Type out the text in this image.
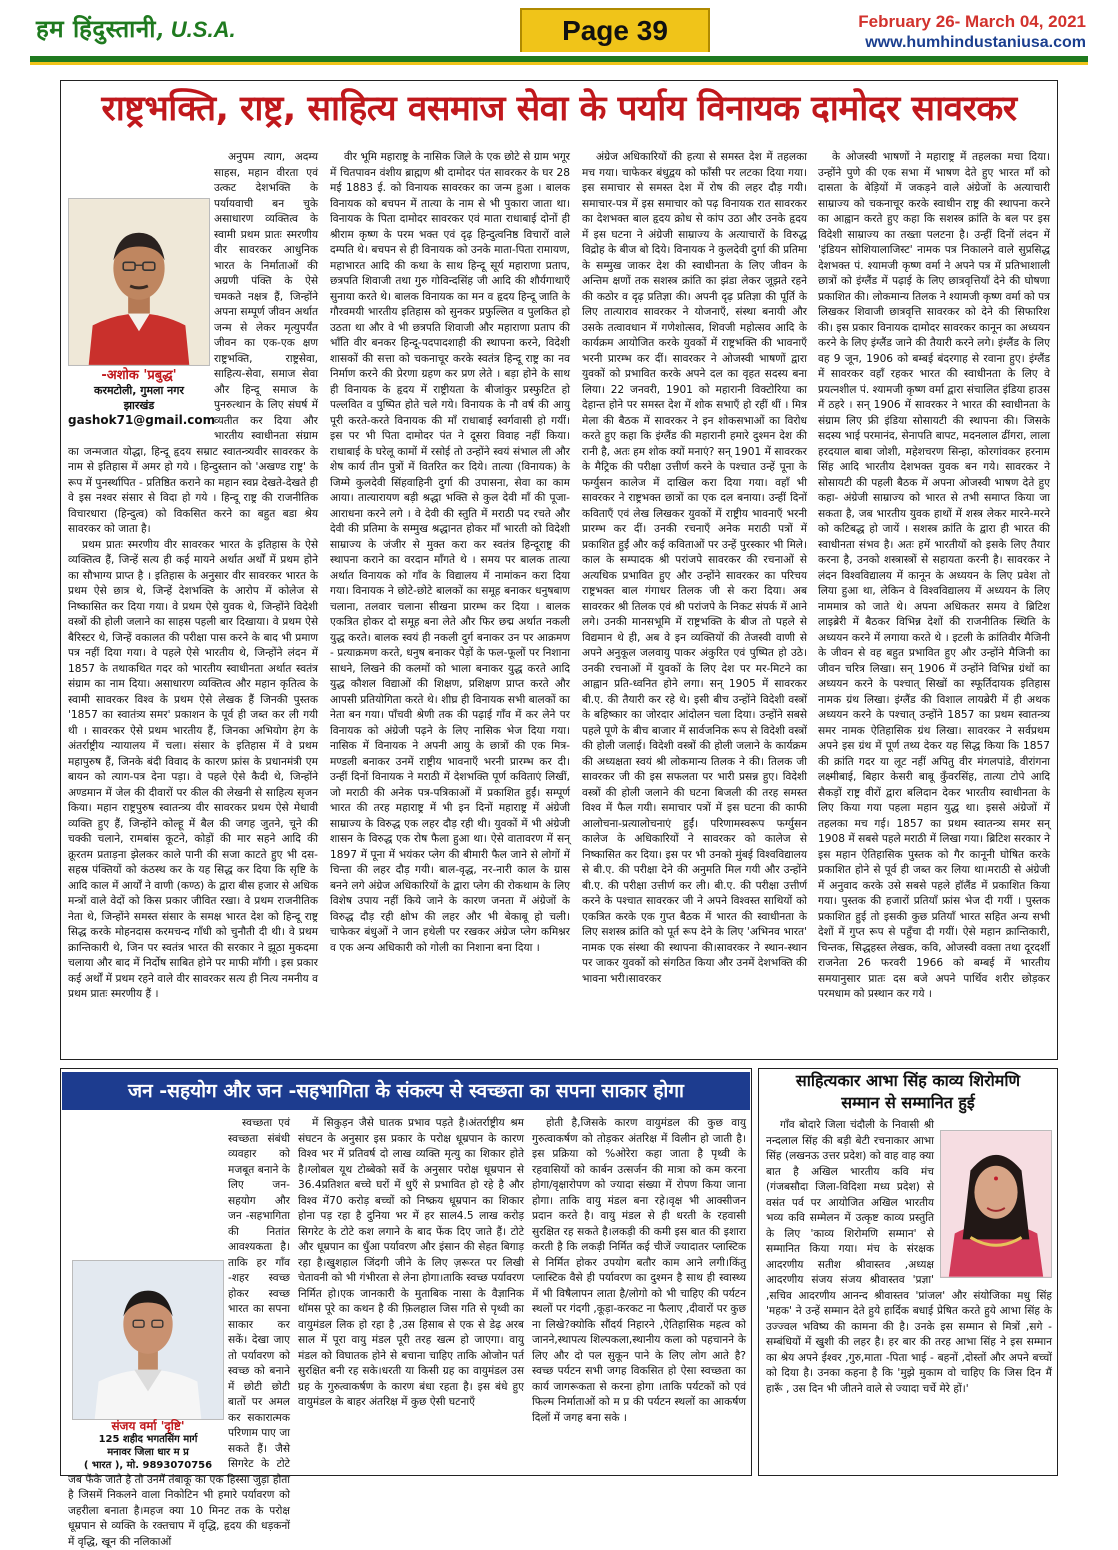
हम हिंदुस्तानी, U.S.A.	Page 39	February 26- March 04, 2021
www.humhindustaniusa.com
राष्ट्रभक्ति, राष्ट्र, साहित्य वसमाज सेवा के पर्याय विनायक दामोदर सावरकर
-अशोक 'प्रबुद्ध'
करमटोली, गुमला नगर
झारखंड
gashok71@gmail.com

अनुपम त्याग, अदम्य साहस, महान वीरता एवं उत्कट देशभक्ति के पर्यायवाची बन चुके असाधारण व्यक्तित्व के स्वामी प्रथम प्रातः स्मरणीय वीर सावरकर आधुनिक भारत के निर्माताओं की अग्रणी पंक्ति के ऐसे चमकते नक्षत्र हैं, जिन्होंने अपना सम्पूर्ण जीवन अर्थात जन्म से लेकर मृत्युपर्यंत जीवन का एक-एक क्षण राष्ट्रभक्ति, राष्ट्रसेवा, साहित्य-सेवा, समाज सेवा और हिन्दू समाज के पुनरुत्थान के लिए संघर्ष में व्यतीत कर दिया और भारतीय स्वाधीनता संग्राम का जन्मजात योद्धा, हिन्दू हृदय सम्राट स्वातन्त्र्यवीर सावरकर के नाम से इतिहास में अमर हो गये । हिन्दुस्तान को 'अखण्ड राष्ट्र' के रूप में पुनर्स्थापित - प्रतिष्ठित कराने का महान स्वप्न देखते-देखते ही वे इस नश्वर संसार से विदा हो गये । हिन्दू राष्ट्र की राजनीतिक विचारधारा (हिन्दुत्व) को विकसित करने का बहुत बडा श्रेय सावरकर को जाता है।

प्रथम प्रातः स्मरणीय वीर सावरकर भारत के इतिहास के ऐसे व्यक्तित्व हैं, जिन्हें सत्य ही कई मायने अर्थात अर्थों में प्रथम होने का सौभाग्य प्राप्त है । इतिहास के अनुसार वीर सावरकर भारत के प्रथम ऐसे छात्र थे, जिन्हें देशभक्ति के आरोप में कोलेज से निष्कासित कर दिया गया। वे प्रथम ऐसे युवक थे, जिन्होंने विदेशी वस्त्रों की होली जलाने का साहस पहली बार दिखाया। वे प्रथम ऐसे बैरिस्टर थे, जिन्हें वकालत की परीक्षा पास करने के बाद भी प्रमाण पत्र नहीं दिया गया। वे पहले ऐसे भारतीय थे, जिन्होंने लंदन में 1857 के तथाकथित गदर को भारतीय स्वाधीनता अर्थात स्वतंत्र संग्राम का नाम दिया। असाधारण व्यक्तित्व और महान कृतित्व के स्वामी सावरकर विश्व के प्रथम ऐसे लेखक हैं जिनकी पुस्तक '1857 का स्वातंत्र्य समर' प्रकाशन के पूर्व ही जब्त कर ली गयी थी । सावरकर ऐसे प्रथम भारतीय हैं, जिनका अभियोग हेग के अंतर्राष्ट्रीय न्यायालय में चला। संसार के इतिहास में वे प्रथम महापुरुष हैं, जिनके बंदी विवाद के कारण फ्रांस के प्रधानमंत्री एम बायन को त्याग-पत्र देना पड़ा। वे पहले ऐसे कैदी थे, जिन्होंने अण्डमान में जेल की दीवारों पर कील की लेखनी से साहित्य सृजन किया। महान राष्ट्रपुरुष स्वातन्त्र्य वीर सावरकर प्रथम ऐसे मेधावी व्यक्ति हुए हैं, जिन्होंने कोल्हू में बैल की जगह जुतने, चूने की चक्की चलाने, रामबांस कूटने, कोड़ों की मार सहने आदि की क्रूरतम प्रताड़ना झेलकर काले पानी की सजा काटते हुए भी दस-सहस्र पंक्तियों को कंठस्थ कर के यह सिद्ध कर दिया कि सृष्टि के आदि काल में आर्यों ने वाणी (कण्ठ) के द्वारा बीस हजार से अधिक मन्त्रों वाले वेदों को किस प्रकार जीवित रखा। वे प्रथम राजनीतिक नेता थे, जिन्होंने समस्त संसार के समक्ष भारत देश को हिन्दू राष्ट्र सिद्ध करके मोहनदास करमचन्द गाँधी को चुनौती दी थी। वे प्रथम क्रान्तिकारी थे, जिन पर स्वतंत्र भारत की सरकार ने झूठा मुकदमा चलाया और बाद में निर्दोष साबित होने पर माफी माँगी । इस प्रकार कई अर्थों में प्रथम रहने वाले वीर सावरकर सत्य ही नित्य नमनीय व प्रथम प्रातः स्मरणीय हैं ।

वीर भूमि महाराष्ट्र के नासिक जिले के एक छोटे से ग्राम भगूर में चितपावन वंशीय ब्राह्मण श्री दामोदर पंत सावरकर के घर 28 मई 1883 ई. को विनायक सावरकर का जन्म हुआ । बालक विनायक को बचपन में तात्या के नाम से भी पुकारा जाता था। विनायक के पिता दामोदर सावरकर एवं माता राधाबाई दोनों ही श्रीराम कृष्ण के परम भक्त एवं दृढ़ हिन्दुत्वनिष्ठ विचारों वाले दम्पति थे। बचपन से ही विनायक को उनके माता-पिता रामायण, महाभारत आदि की कथा के साथ हिन्दू सूर्य महाराणा प्रताप, छत्रपति शिवाजी तथा गुरु गोविन्दसिंह जी आदि की शौर्यगाथाएँ सुनाया करते थे। बालक विनायक का मन व हृदय हिन्दू जाति के गौरवमयी भारतीय इतिहास को सुनकर प्रफुल्लित व पुलकित हो उठता था और वे भी छत्रपति शिवाजी और महाराणा प्रताप की भाँति वीर बनकर हिन्दू-पदपादशाही की स्थापना करने, विदेशी शासकों की सत्ता को चकनाचूर करके स्वतंत्र हिन्दू राष्ट्र का नव निर्माण करने की प्रेरणा ग्रहण कर प्रण लेते । बड़ा होने के साथ ही विनायक के हृदय में राष्ट्रीयता के बीजांकुर प्रस्फुटित हो पल्लवित व पुष्पित होते चले गये। विनायक के नौ वर्ष की आयु पूरी करते-करते विनायक की माँ राधाबाई स्वर्गवासी हो गयीं। इस पर भी पिता दामोदर पंत ने दूसरा विवाह नहीं किया। राधाबाई के घरेलू कामों में रसोई तो उन्होंने स्वयं संभाल ली और शेष कार्य तीन पुत्रों में वितरित कर दिये। तात्या (विनायक) के जिम्मे कुलदेवी सिंहवाहिनी दुर्गा की उपासना, सेवा का काम आया। तात्यारायण बड़ी श्रद्धा भक्ति से कुल देवी माँ की पूजा-आराधना करने लगे । वे देवी की स्तुति में मराठी पद रचते और देवी की प्रतिमा के सम्मुख श्रद्धानत होकर माँ भारती को विदेशी साम्राज्य के जंजीर से मुक्त करा कर स्वतंत्र हिन्दूराष्ट्र की स्थापना कराने का वरदान माँगते थे । समय पर बालक तात्या अर्थात विनायक को गाँव के विद्यालय में नामांकन करा दिया गया। विनायक ने छोटे-छोटे बालकों का समूह बनाकर धनुषबाण चलाना, तलवार चलाना सीखना प्रारम्भ कर दिया । बालक एकत्रित होकर दो समूह बना लेते और फिर छद्म अर्थात नकली युद्ध करते। बालक स्वयं ही नकली दुर्ग बनाकर उन पर आक्रमण - प्रत्याक्रमण करते, धनुष बनाकर पेड़ों के फल-फूलों पर निशाना साधने, लिखने की कलमों को भाला बनाकर युद्ध करते आदि युद्ध कौशल विद्याओं की शिक्षण, प्रशिक्षण प्राप्त करते और आपसी प्रतियोगिता करते थे। शीघ्र ही विनायक सभी बालकों का नेता बन गया। पाँचवी श्रेणी तक की पढ़ाई गाँव में कर लेने पर विनायक को अंग्रेजी पढ़ने के लिए नासिक भेज दिया गया। नासिक में विनायक ने अपनी आयु के छात्रों की एक मित्र-मण्डली बनाकर उनमें राष्ट्रीय भावनाएँ भरनी प्रारम्भ कर दी। उन्हीं दिनों विनायक ने मराठी में देशभक्ति पूर्ण कविताएं लिखीं, जो मराठी की अनेक पत्र-पत्रिकाओं में प्रकाशित हुईं। सम्पूर्ण भारत की तरह महाराष्ट्र में भी इन दिनों महाराष्ट्र में अंग्रेजी साम्राज्य के विरुद्ध एक लहर दौड़ रही थी। युवकों में भी अंग्रेजी शासन के विरुद्ध एक रोष फैला हुआ था। ऐसे वातावरण में सन् 1897 में पूना में भयंकर प्लेग की बीमारी फैल जाने से लोगों में चिन्ता की लहर दौड़ गयी। बाल-वृद्ध, नर-नारी काल के ग्रास बनने लगे अंग्रेज अधिकारियों के द्वारा प्लेग की रोकथाम के लिए विशेष उपाय नहीं किये जाने के कारण जनता में अंग्रेजों के विरुद्ध दौड़ रही क्षोभ की लहर और भी बेकाबू हो चली। चाफेकर बंधुओं ने जान हथेली पर रखकर अंग्रेज प्लेग कमिश्नर व एक अन्य अधिकारी को गोली का निशाना बना दिया ।

अंग्रेज अधिकारियों की हत्या से समस्त देश में तहलका मच गया। चाफेकर बंधुद्वय को फाँसी पर लटका दिया गया। इस समाचार से समस्त देश में रोष की लहर दौड़ गयी। समाचार-पत्र में इस समाचार को पढ़ विनायक रात सावरकर का देशभक्त बाल हृदय क्रोध से कांप उठा और उनके हृदय में इस घटना ने अंग्रेजी साम्राज्य के अत्याचारों के विरुद्ध विद्रोह के बीज बो दिये। विनायक ने कुलदेवी दुर्गा की प्रतिमा के सम्मुख जाकर देश की स्वाधीनता के लिए जीवन के अन्तिम क्षणों तक सशस्त्र क्रांति का झंडा लेकर जूझते रहने की कठोर व दृढ़ प्रतिज्ञा की। अपनी दृढ़ प्रतिज्ञा की पूर्ति के लिए तात्याराव सावरकर ने योजनाएँ, संस्था बनायी और उसके तत्वावधान में गणेशोत्सव, शिवजी महोत्सव आदि के कार्यक्रम आयोजित करके युवकों में राष्ट्रभक्ति की भावनाएँ भरनी प्रारम्भ कर दीं। सावरकर ने ओजस्वी भाषणों द्वारा युवकों को प्रभावित करके अपने दल का वृहत सदस्य बना लिया। 22 जनवरी, 1901 को महारानी विक्टोरिया का देहान्त होने पर समस्त देश में शोक सभाएँ हो रहीं थीं । मित्र मेला की बैठक में सावरकर ने इन शोकसभाओं का विरोध करते हुए कहा कि इंग्लैंड की महारानी हमारे दुश्मन देश की रानी है, अतः हम शोक क्यों मनाएं? सन् 1901 में सावरकर के मैट्रिक की परीक्षा उत्तीर्ण करने के पश्चात उन्हें पूना के फर्ग्युसन कालेज में दाखिल करा दिया गया। वहाँ भी सावरकर ने राष्ट्रभक्त छात्रों का एक दल बनाया। उन्हीं दिनों कविताएँ एवं लेख लिखकर युवकों में राष्ट्रीय भावनाएँ भरनी प्रारम्भ कर दीं। उनकी रचनाएँ अनेक मराठी पत्रों में प्रकाशित हुईं और कई कविताओं पर उन्हें पुरस्कार भी मिले। काल के सम्पादक श्री परांजपे सावरकर की रचनाओं से अत्यधिक प्रभावित हुए और उन्होंने सावरकर का परिचय राष्ट्रभक्त बाल गंगाधर तिलक जी से करा दिया। अब सावरकर श्री तिलक एवं श्री परांजपे के निकट संपर्क में आने लगे। उनकी मानसभूमि में राष्ट्रभक्ति के बीज तो पहले से विद्यमान थे ही, अब वे इन व्यक्तियों की तेजस्वी वाणी से अपने अनुकूल जलवायु पाकर अंकुरित एवं पुष्पित हो उठे। उनकी रचनाओं में युवकों के लिए देश पर मर-मिटने का आह्वान प्रति-ध्वनित होने लगा। सन् 1905 में सावरकर बी.ए. की तैयारी कर रहे थे। इसी बीच उन्होंने विदेशी वस्त्रों के बहिष्कार का जोरदार आंदोलन चला दिया। उन्होंने सबसे पहले पूणे के बीच बाजार में सार्वजनिक रूप से विदेशी वस्त्रों की होली जलाई। विदेशी वस्त्रों की होली जलाने के कार्यक्रम की अध्यक्षता स्वयं श्री लोकमान्य तिलक ने की। तिलक जी सावरकर जी की इस सफलता पर भारी प्रसन्न हुए। विदेशी वस्त्रों की होली जलाने की घटना बिजली की तरह समस्त विश्व में फैल गयी। समाचार पत्रों में इस घटना की काफी आलोचना-प्रत्यालोचनाएं हुईं। परिणामस्वरूप फर्ग्युसन कालेज के अधिकारियों ने सावरकर को कालेज से निष्कासित कर दिया। इस पर भी उनको मुंबई विश्वविद्यालय से बी.ए. की परीक्षा देने की अनुमति मिल गयी और उन्होंने बी.ए. की परीक्षा उत्तीर्ण कर ली। बी.ए. की परीक्षा उत्तीर्ण करने के पश्चात सावरकर जी ने अपने विश्वस्त साथियों को एकत्रित करके एक गुप्त बैठक में भारत की स्वाधीनता के लिए सशस्त्र क्रांति को पूर्त रूप देने के लिए 'अभिनव भारत' नामक एक संस्था की स्थापना की।सावरकर ने स्थान-स्थान पर जाकर युवकों को संगठित किया और उनमें देशभक्ति की भावना भरी।सावरकर

के ओजस्वी भाषणों ने महाराष्ट्र में तहलका मचा दिया। उन्होंने पुणे की एक सभा में भाषण देते हुए भारत माँ को दासता के बेड़ियों में जकड़ने वाले अंग्रेजों के अत्याचारी साम्राज्य को चकनाचूर करके स्वाधीन राष्ट्र की स्थापना करने का आह्वान करते हुए कहा कि सशस्त्र क्रांति के बल पर इस विदेशी साम्राज्य का तख्ता पलटना है। उन्हीं दिनों लंदन में 'इंडियन सोशियालाजिस्ट' नामक पत्र निकालने वाले सुप्रसिद्ध देशभक्त पं. श्यामजी कृष्ण वर्मा ने अपने पत्र में प्रतिभाशाली छात्रों को इंग्लैंड में पढ़ाई के लिए छात्रवृत्तियाँ देने की घोषणा प्रकाशित की। लोकमान्य तिलक ने श्यामजी कृष्ण वर्मा को पत्र लिखकर शिवाजी छात्रवृत्ति सावरकर को देने की सिफारिश की। इस प्रकार विनायक दामोदर सावरकर कानून का अध्ययन करने के लिए इंग्लैंड जाने की तैयारी करने लगे। इंग्लैंड के लिए वह 9 जून, 1906 को बम्बई बंदरगाह से रवाना हुए। इंग्लैंड में सावरकर वहाँ रहकर भारत की स्वाधीनता के लिए वे प्रयत्नशील पं. श्यामजी कृष्ण वर्मा द्वारा संचालित इंडिया हाउस में ठहरे । सन् 1906 में सावरकर ने भारत की स्वाधीनता के संग्राम लिए फ्री इंडिया सोसायटी की स्थापना की। जिसके सदस्य भाई परमानंद, सेनापति बापट, मदनलाल ढींगरा, लाला हरदयाल बाबा जोशी, महेशचरण सिन्हा, कोरगांवकर हरनाम सिंह आदि भारतीय देशभक्त युवक बन गये। सावरकर ने सोसायटी की पहली बैठक में अपना ओजस्वी भाषण देते हुए कहा- अंग्रेजी साम्राज्य को भारत से तभी समाप्त किया जा सकता है, जब भारतीय युवक हाथों में शस्त्र लेकर मारने-मरने को कटिबद्ध हो जायें । सशस्त्र क्रांति के द्वारा ही भारत की स्वाधीनता संभव है। अतः हमें भारतीयों को इसके लिए तैयार करना है, उनको शस्त्रास्त्रों से सहायता करनी है। सावरकर ने लंदन विश्वविद्यालय में कानून के अध्ययन के लिए प्रवेश तो लिया हुआ था, लेकिन वे विश्वविद्यालय में अध्ययन के लिए नाममात्र को जाते थे। अपना अधिकतर समय वे ब्रिटिश लाइब्रेरी में बैठकर विभिन्न देशों की राजनीतिक स्थिति के अध्ययन करने में लगाया करते थे । इटली के क्रांतिवीर मैजिनी के जीवन से वह बहुत प्रभावित हुए और उन्होंने मैजिनी का जीवन चरित्र लिखा। सन् 1906 में उन्होंने विभिन्न ग्रंथों का अध्ययन करने के पश्चात् सिखों का स्फूर्तिदायक इतिहास नामक ग्रंथ लिखा। इंग्लैंड की विशाल लायब्रेरी में ही अथक अध्ययन करने के पश्चात् उन्होंने 1857 का प्रथम स्वातन्त्र्य समर नामक ऐतिहासिक ग्रंथ लिखा। सावरकर ने सर्वप्रथम अपने इस ग्रंथ में पूर्ण तथ्य देकर यह सिद्ध किया कि 1857 की क्रांति गदर या लूट नहीं अपितु वीर मंगलपांडे, वीरांगना लक्ष्मीबाई, बिहार केसरी बाबू कुँवरसिंह, तात्या टोपे आदि सैकड़ों राष्ट्र वीरों द्वारा बलिदान देकर भारतीय स्वाधीनता के लिए किया गया पहला महान युद्ध था। इससे अंग्रेजों में तहलका मच गई। 1857 का प्रथम स्वातन्त्र्य समर सन् 1908 में सबसे पहले मराठी में लिखा गया। ब्रिटिश सरकार ने इस महान ऐतिहासिक पुस्तक को गैर कानूनी घोषित करके प्रकाशित होने से पूर्व ही जब्त कर लिया था।मराठी से अंग्रेजी में अनुवाद करके उसे सबसे पहले हॉलैंड में प्रकाशित किया गया। पुस्तक की हजारों प्रतियाँ फ्रांस भेज दी गयीं । पुस्तक प्रकाशित हुई तो इसकी कुछ प्रतियाँ भारत सहित अन्य सभी देशों में गुप्त रूप से पहुँचा दी गयीं। ऐसे महान क्रान्तिकारी, चिन्तक, सिद्धहस्त लेखक, कवि, ओजस्वी वक्ता तथा दूरदर्शी राजनेता 26 फरवरी 1966 को बम्बई में भारतीय समयानुसार प्रातः दस बजे अपने पार्थिव शरीर छोड़कर परमधाम को प्रस्थान कर गये ।

जन -सहयोग और जन -सहभागिता के संकल्प से स्वच्छता का सपना साकार होगा
संजय वर्मा 'दृष्टि'
125 शहीद भगतसिंग मार्ग
मनावर जिला धार म प्र
( भारत ), मो. 9893070756

स्वच्छता एवं स्वच्छता संबंधी व्यवहार को मजबूत बनाने के लिए जन- सहयोग और जन -सहभागिता की नितांत आवश्यकता है। ताकि हर गाँव -शहर स्वच्छ होकर स्वच्छ भारत का सपना साकार कर सकें। देखा जाए तो पर्यावरण को स्वच्छ को बनाने में छोटी छोटी बातों पर अमल कर सकारात्मक परिणाम पाए जा सकते हैं। जैसे सिगरेट के टोटे जब फेंके जाते है तो उनमें तंबाकू का एक हिस्सा जुड़ा होता है जिसमें निकलने वाला निकोटिन भी हमारे पर्यावरण को जहरीला बनाता है।महज क्या 10 मिनट तक के परोक्ष धूम्रपान से व्यक्ति के रक्तचाप में वृद्धि, हृदय की धड़कनों में वृद्धि, खून की नलिकाओं

में सिकुड़न जैसे घातक प्रभाव पड़ते है।अंतर्राष्ट्रीय श्रम संघटन के अनुसार इस प्रकार के परोक्ष धूम्रपान के कारण विश्व भर में प्रतिवर्ष दो लाख व्यक्ति मृत्यु का शिकार होते है।ग्लोबल यूथ टोब्बेको सर्वे के अनुसार परोक्ष धूम्रपान से 36.4प्रतिशत बच्चे घरों में धुएँ से प्रभावित हो रहे है और विश्व में70 करोड़ बच्चों को निष्क्रय धूम्रपान का शिकार होना पड़ रहा है दुनिया भर में हर साल4.5 लाख करोड़ सिगरेट के टोटे कश लगाने के बाद फेंक दिए जाते हैं। टोटे और धूम्रपान का धुँआ पर्यावरण और इंसान की सेहत बिगाड़ रहा है।खुशहाल जिंदगी जीने के लिए ज़रूरत पर लिखी चेतावनी को भी गंभीरता से लेना होगा।ताकि स्वच्छ पर्यावरण निर्मित हो।एक जानकारी के मुताबिक नासा के वैज्ञानिक थॉमस पूरे का कथन है की फ़िलहाल जिस गति से पृथ्वी का वायुमंडल लिक हो रहा है ,उस हिसाब से एक से डेढ़ अरब साल में पूरा वायु मंडल पूरी तरह खत्म हो जाएगा। वायु मंडल को विघातक होने से बचाना चाहिए ताकि ओजोन पर्त सुरक्षित बनी रह सके।धरती या किसी ग्रह का वायुमंडल उस ग्रह के गुरुत्वाकर्षण के कारण बंधा रहता है। इस बंधे हुए वायुमंडल के बाहर अंतरिक्ष में कुछ ऐसी घटनाएँ

होती है,जिसके कारण वायुमंडल की कुछ वायु गुरुत्वाकर्षण को तोड़कर अंतरिक्ष में विलीन हो जाती है।इस प्रक्रिया को %ओरेरा कहा जाता है पृथ्वी के रहवासियों को कार्बन उत्सर्जन की मात्रा को कम करना होगा/वृक्षारोपण को ज्यादा संख्या में रोपण किया जाना होगा। ताकि वायु मंडल बना रहे।वृक्ष भी आक्सीजन प्रदान करते है। वायु मंडल से ही धरती के रहवासी सुरक्षित रह सकते है।लकड़ी की कमी इस बात की इशारा करती है कि लकड़ी निर्मित कई चीजें ज्यादातर प्लास्टिक से निर्मित होकर उपयोग बतौर काम आने लगी।किंतु प्लास्टिक वैसे ही पर्यावरण का दुश्मन है साथ ही स्वास्थ्य में भी विषैलापन लाता है/लोगो को भी चाहिए की पर्यटन स्थलों पर गंदगी ,कूड़ा-करकट ना फैलाए ,दीवारों पर कुछ ना लिखे?क्योकि सौंदर्य निहारने ,ऐतिहासिक महत्व को जानने,स्थापत्य शिल्पकला,स्थानीय कला को पहचानने के लिए और दो पल सुकून पाने के लिए लोग आते है? स्वच्छ पर्यटन सभी जगह विकसित हो ऐसा स्वच्छता का कार्य जागरूकता से करना होगा ।ताकि पर्यटकों को एवं फिल्म निर्माताओं को म प्र की पर्यटन स्थलों का आकर्षण दिलों में जगह बना सके ।

साहित्यकार आभा सिंह काव्य शिरोमणि
सम्मान से सम्मानित हुई

गाँव बोदारे जिला चंदौली के निवासी श्री नन्दलाल सिंह की बड़ी बेटी रचनाकार आभा सिंह (लखनऊ उत्तर प्रदेश) को वाह वाह क्या बात है अखिल भारतीय कवि मंच (गंजबसौदा जिला-विदिशा मध्य प्रदेश) से वसंत पर्व पर आयोजित अखिल भारतीय भव्य कवि सम्मेलन में उत्कृष्ट काव्य प्रस्तुति के लिए 'काव्य शिरोमणि सम्मान' से सम्मानित किया गया। मंच के संरक्षक आदरणीय सतीश श्रीवास्तव ,अध्यक्ष आदरणीय संजय संजय श्रीवास्तव 'प्रज्ञा' ,सचिव आदरणीय आनन्द श्रीवास्तव 'प्रांजल' और संयोजिका मधु सिंह 'महक' ने उन्हें सम्मान देते हुये हार्दिक बधाई प्रेषित करते हुये आभा सिंह के उज्ज्वल भविष्य की कामना की है। उनके इस सम्मान से मित्रों ,सगे - सम्बंधियों में खुशी की लहर है। हर बार की तरह आभा सिंह ने इस सम्मान का श्रेय अपने ईश्वर ,गुरु,माता -पिता भाई - बहनों ,दोस्तों और अपने बच्चों को दिया है। उनका कहना है कि 'मुझे मुकाम वो चाहिए कि जिस दिन मैं हारूँ , उस दिन भी जीतने वाले से ज्यादा चर्चे मेरे हों।'
